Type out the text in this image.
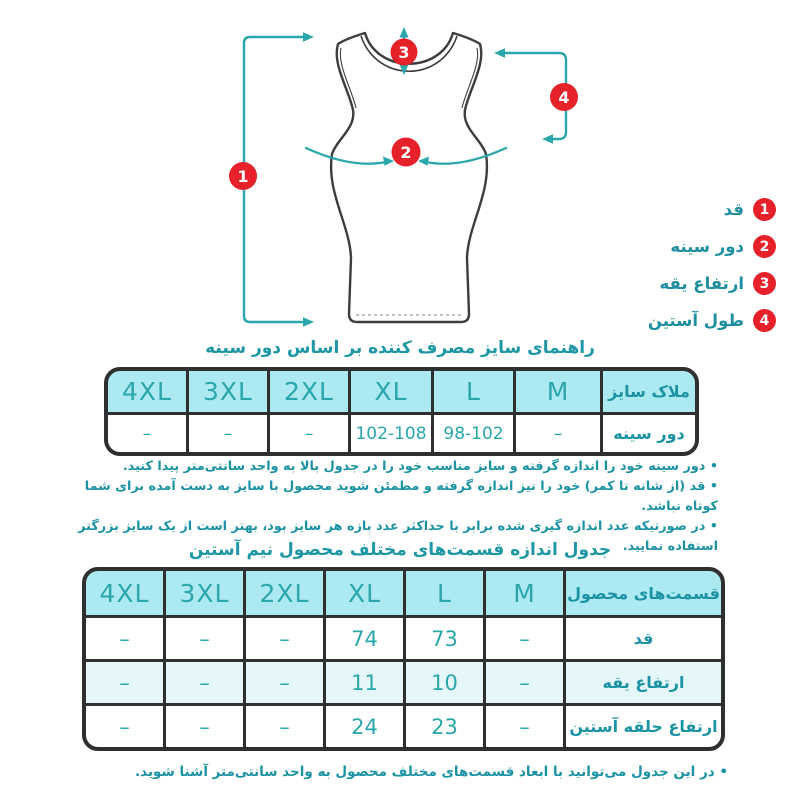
1
2
3
4
1
قد
2
دور سینه
3
ارتفاع یقه
4
طول آستین
راهنمای سایز مصرف کننده بر اساس دور سینه
4XL	3XL	2XL	XL	L	M	ملاک سایز
–	–	–	102-108 98-102	–	دور سینه
• دور سینه خود را اندازه گرفته و سایز مناسب خود را در جدول بالا به واحد سانتی‌متر پیدا کنید.
• قد (از شانه تا کمر) خود را نیز اندازه گرفته و مطمئن شوید محصول با سایز به دست آمده برای شما کوتاه نباشد.
• در صورتیکه عدد اندازه گیری شده برابر با حداکثر عدد بازه هر سایز بود، بهتر است از یک سایز بزرگتر استفاده نمایید.
جدول اندازه قسمت‌های مختلف محصول نیم آستین
4XL	3XL	2XL	XL	L	M	قسمت‌های محصول
–	–	–	74	73	–	قد
–	–	–	11	10	–	ارتفاع یقه
–	–	–	24	23	–	ارتفاع حلقه آستین
• در این جدول می‌توانید با ابعاد قسمت‌های مختلف محصول به واحد سانتی‌متر آشنا شوید.
